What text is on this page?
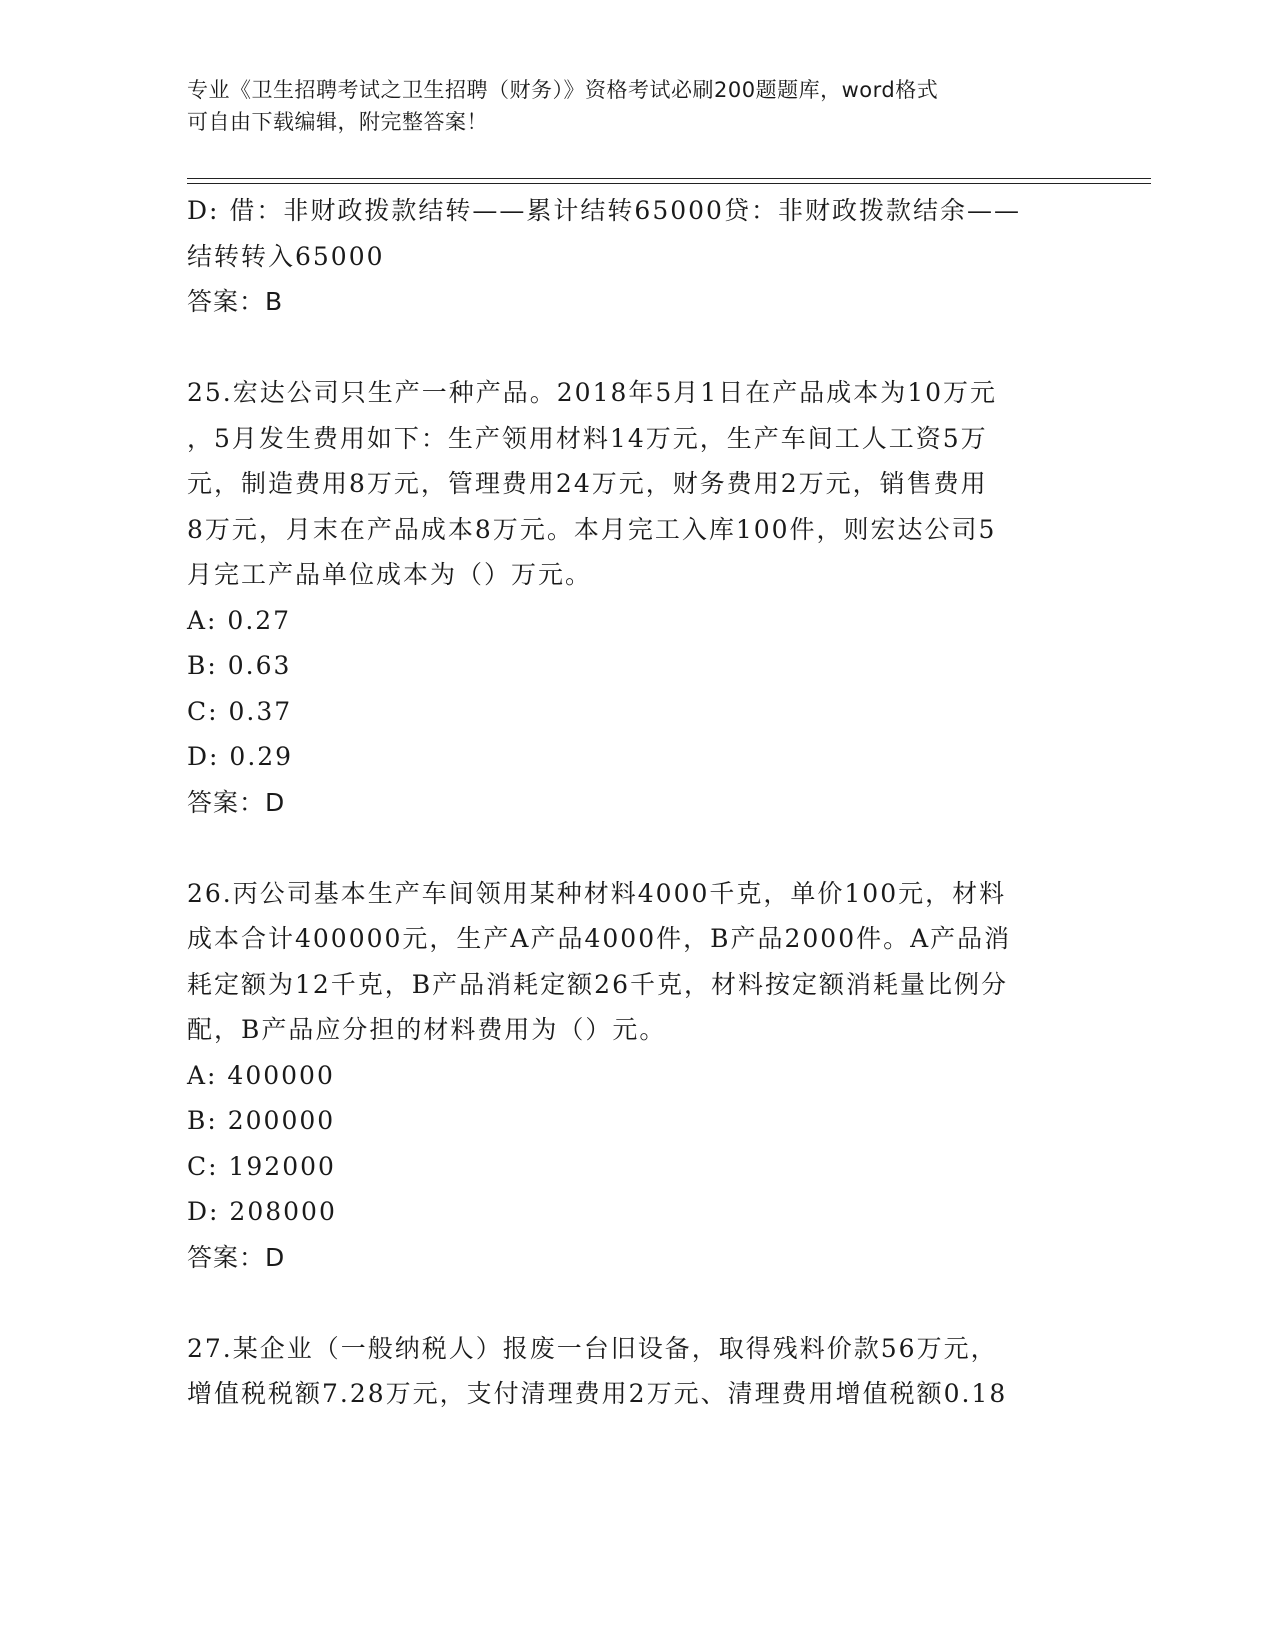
专业《卫生招聘考试之卫生招聘（财务）》资格考试必刷200题题库，word格式
可自由下载编辑，附完整答案！
D: 借：非财政拨款结转——累计结转65000贷：非财政拨款结余——
结转转入65000
答案：B
25.宏达公司只生产一种产品。2018年5月1日在产品成本为10万元
，5月发生费用如下：生产领用材料14万元，生产车间工人工资5万
元，制造费用8万元，管理费用24万元，财务费用2万元，销售费用
8万元，月末在产品成本8万元。本月完工入库100件，则宏达公司5
月完工产品单位成本为（）万元。
A: 0.27
B: 0.63
C: 0.37
D: 0.29
答案：D
26.丙公司基本生产车间领用某种材料4000千克，单价100元，材料
成本合计400000元，生产A产品4000件，B产品2000件。A产品消
耗定额为12千克，B产品消耗定额26千克，材料按定额消耗量比例分
配，B产品应分担的材料费用为（）元。
A: 400000
B: 200000
C: 192000
D: 208000
答案：D
27.某企业（一般纳税人）报废一台旧设备，取得残料价款56万元，
增值税税额7.28万元，支付清理费用2万元、清理费用增值税额0.18
